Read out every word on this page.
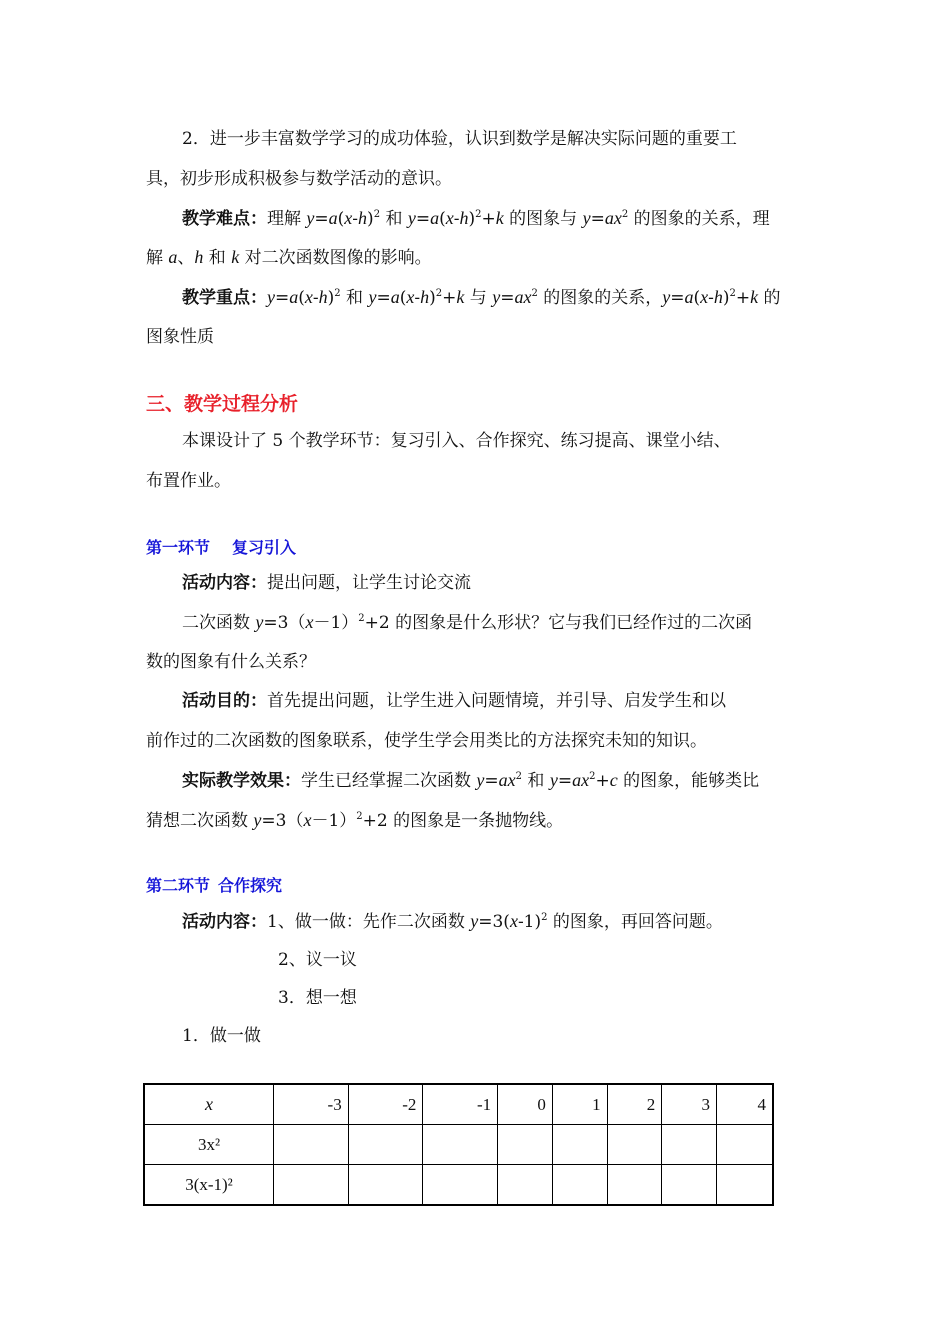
2．进一步丰富数学学习的成功体验，认识到数学是解决实际问题的重要工
具，初步形成积极参与数学活动的意识。
教学难点：理解 $y=a(x-h)^2$ 和 $y=a(x-h)^2+k$ 的图象与 $y=ax^2$ 的图象的关系，理
解 a、h 和 k 对二次函数图像的影响。
教学重点：$y=a(x-h)^2$ 和 $y=a(x-h)^2+k$ 与 $y=ax^2$ 的图象的关系，$y=a(x-h)^2+k$ 的
图象性质
三、教学过程分析
本课设计了 5 个教学环节：复习引入、合作探究、练习提高、课堂小结、
布置作业。
第一环节 复习引入
活动内容：提出问题，让学生讨论交流
二次函数 $y=3(x-1)^2+2$ 的图象是什么形状？它与我们已经作过的二次函
数的图象有什么关系？
活动目的：首先提出问题，让学生进入问题情境，并引导、启发学生和以
前作过的二次函数的图象联系，使学生学会用类比的方法探究未知的知识。
实际教学效果：学生已经掌握二次函数 $y=ax^2$ 和 $y=ax^2+c$ 的图象，能够类比
猜想二次函数 $y=3(x-1)^2+2$ 的图象是一条抛物线。
第二环节 合作探究
活动内容：1、做一做：先作二次函数 $y=3(x-1)^2$ 的图象，再回答问题。
2、议一议
3．想一想
1．做一做
x	-3	-2	-1	0	1	2	3	4
3x²								
3(x-1)²								
